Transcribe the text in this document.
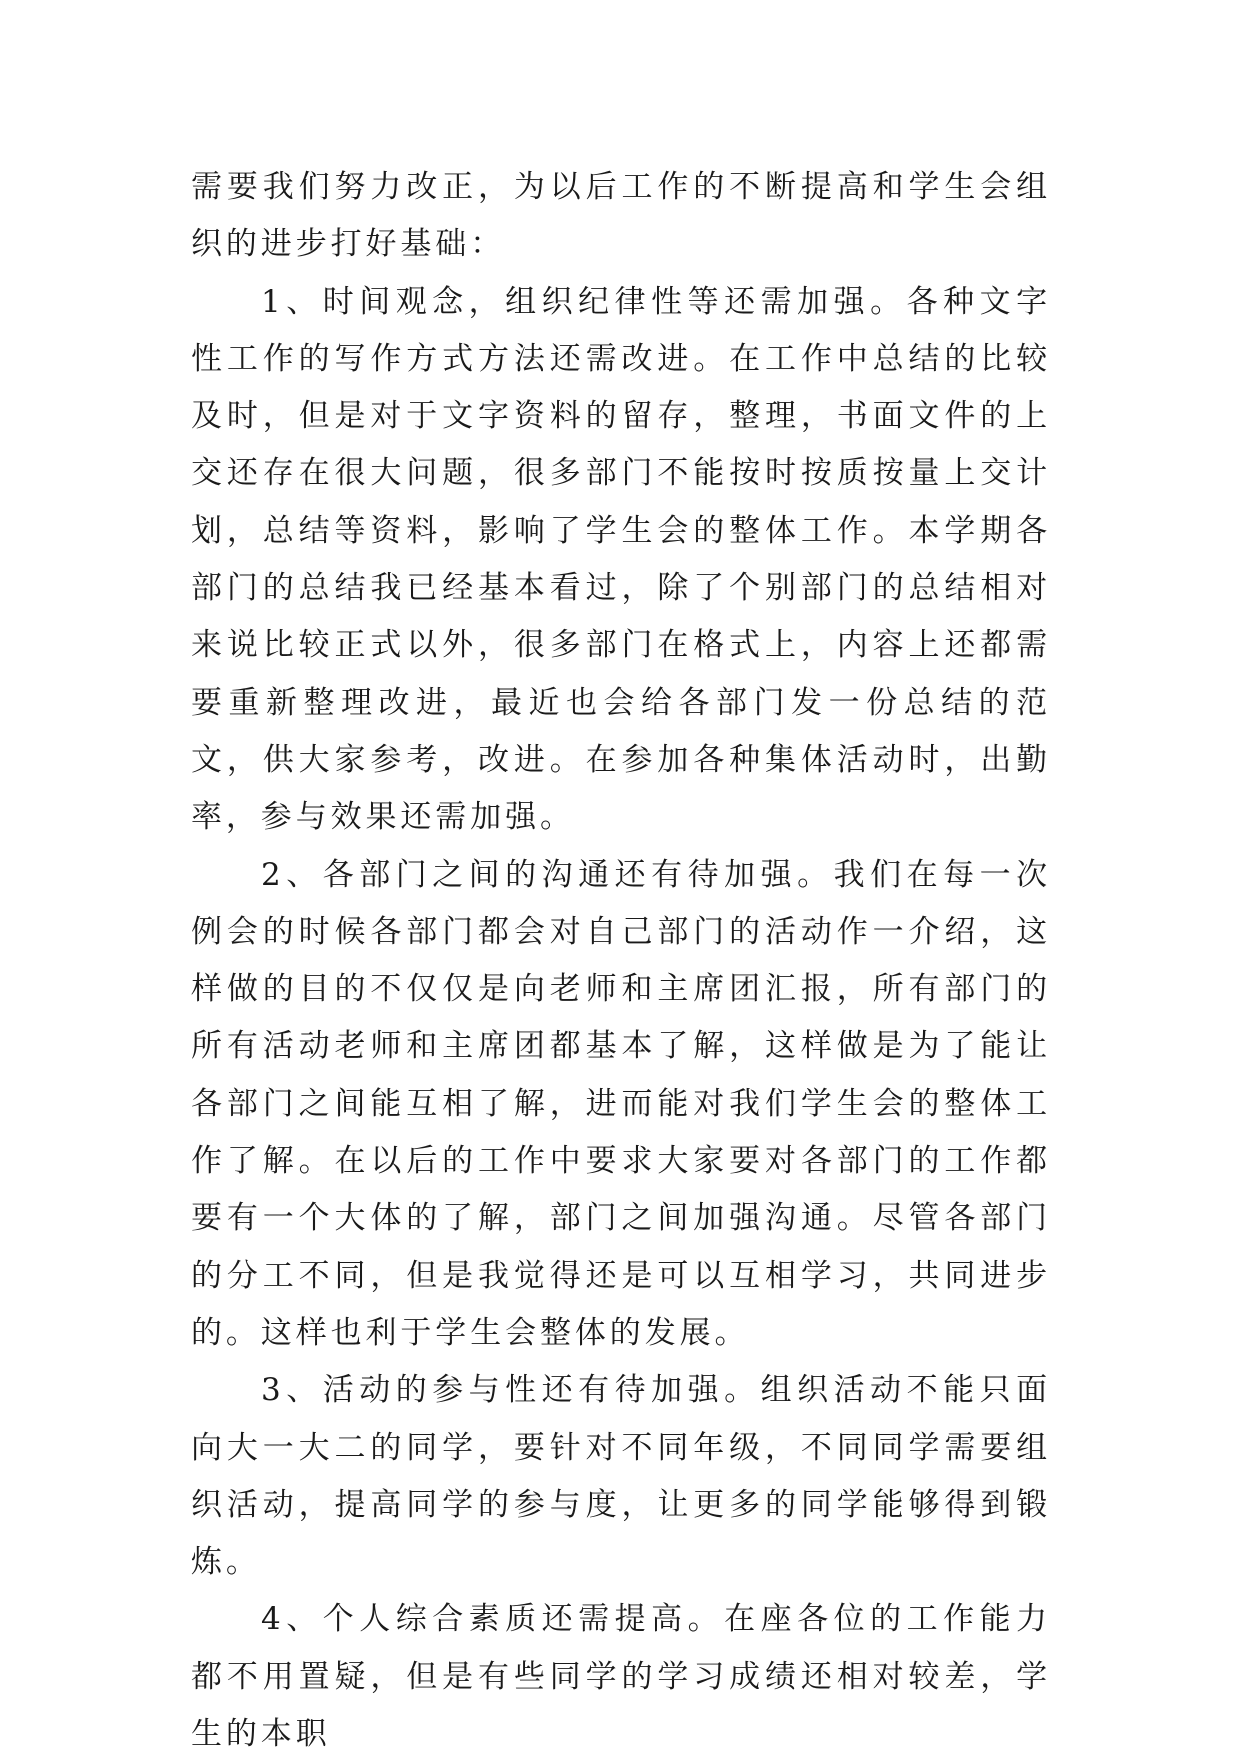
需要我们努力改正，为以后工作的不断提高和学生会组织的进步打好基础：

1、时间观念，组织纪律性等还需加强。各种文字性工作的写作方式方法还需改进。在工作中总结的比较及时，但是对于文字资料的留存，整理，书面文件的上交还存在很大问题，很多部门不能按时按质按量上交计划，总结等资料，影响了学生会的整体工作。本学期各部门的总结我已经基本看过，除了个别部门的总结相对来说比较正式以外，很多部门在格式上，内容上还都需要重新整理改进，最近也会给各部门发一份总结的范文，供大家参考，改进。在参加各种集体活动时，出勤率，参与效果还需加强。

2、各部门之间的沟通还有待加强。我们在每一次例会的时候各部门都会对自己部门的活动作一介绍，这样做的目的不仅仅是向老师和主席团汇报，所有部门的所有活动老师和主席团都基本了解，这样做是为了能让各部门之间能互相了解，进而能对我们学生会的整体工作了解。在以后的工作中要求大家要对各部门的工作都要有一个大体的了解，部门之间加强沟通。尽管各部门的分工不同，但是我觉得还是可以互相学习，共同进步的。这样也利于学生会整体的发展。

3、活动的参与性还有待加强。组织活动不能只面向大一大二的同学，要针对不同年级，不同同学需要组织活动，提高同学的参与度，让更多的同学能够得到锻炼。

4、个人综合素质还需提高。在座各位的工作能力都不用置疑，但是有些同学的学习成绩还相对较差，学生的本职
